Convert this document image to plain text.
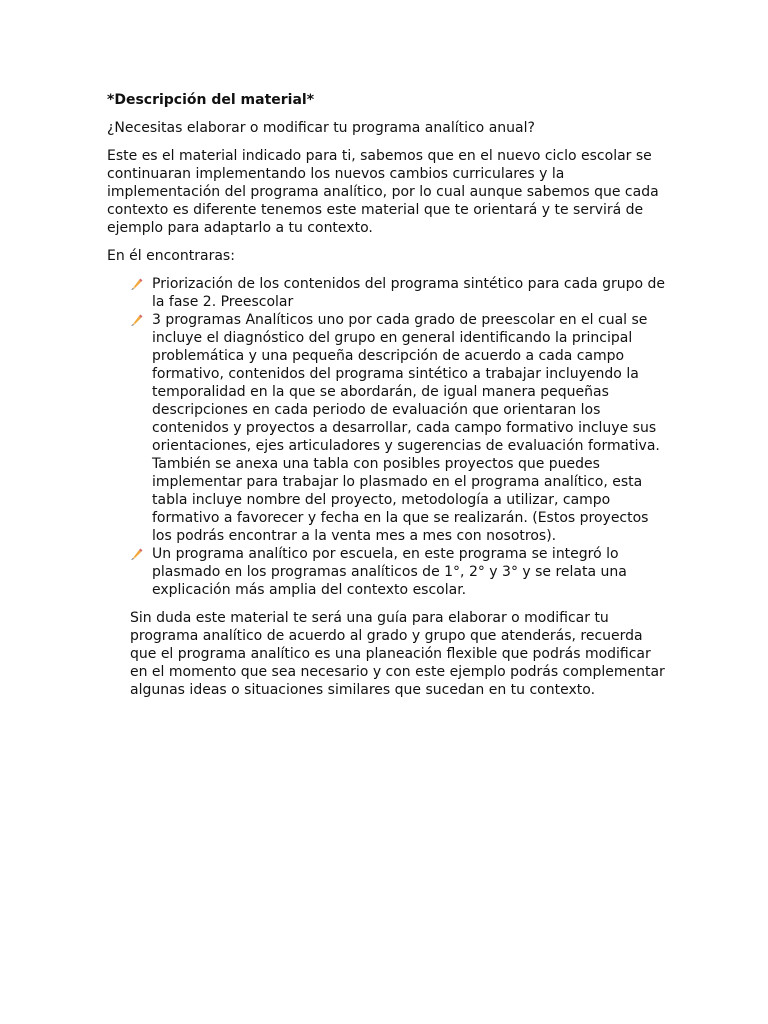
*Descripción del material*

¿Necesitas elaborar o modificar tu programa analítico anual?

Este es el material indicado para ti, sabemos que en el nuevo ciclo escolar se continuaran implementando los nuevos cambios curriculares y la implementación del programa analítico, por lo cual aunque sabemos que cada contexto es diferente tenemos este material que te orientará y te servirá de ejemplo para adaptarlo a tu contexto.

En él encontraras:

Priorización de los contenidos del programa sintético para cada grupo de la fase 2. Preescolar
3 programas Analíticos uno por cada grado de preescolar en el cual se incluye el diagnóstico del grupo en general identificando la principal problemática y una pequeña descripción de acuerdo a cada campo formativo, contenidos del programa sintético a trabajar incluyendo la temporalidad en la que se abordarán, de igual manera pequeñas descripciones en cada periodo de evaluación que orientaran los contenidos y proyectos a desarrollar, cada campo formativo incluye sus orientaciones, ejes articuladores y sugerencias de evaluación formativa. También se anexa una tabla con posibles proyectos que puedes implementar para trabajar lo plasmado en el programa analítico, esta tabla incluye nombre del proyecto, metodología a utilizar, campo formativo a favorecer y fecha en la que se realizarán. (Estos proyectos los podrás encontrar a la venta mes a mes con nosotros).
Un programa analítico por escuela, en este programa se integró lo plasmado en los programas analíticos de 1°, 2° y 3° y se relata una explicación más amplia del contexto escolar.

Sin duda este material te será una guía para elaborar o modificar tu programa analítico de acuerdo al grado y grupo que atenderás, recuerda que el programa analítico es una planeación flexible que podrás modificar en el momento que sea necesario y con este ejemplo podrás complementar algunas ideas o situaciones similares que sucedan en tu contexto.
